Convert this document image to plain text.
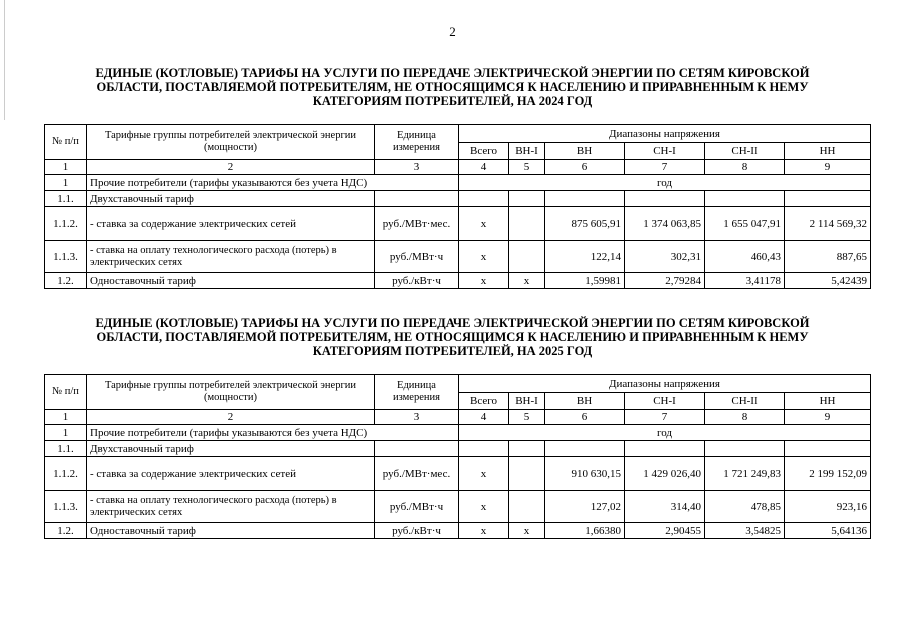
2
ЕДИНЫЕ (КОТЛОВЫЕ) ТАРИФЫ НА УСЛУГИ ПО ПЕРЕДАЧЕ ЭЛЕКТРИЧЕСКОЙ ЭНЕРГИИ ПО СЕТЯМ КИРОВСКОЙ
ОБЛАСТИ, ПОСТАВЛЯЕМОЙ ПОТРЕБИТЕЛЯМ, НЕ ОТНОСЯЩИМСЯ К НАСЕЛЕНИЮ И ПРИРАВНЕННЫМ К НЕМУ
КАТЕГОРИЯМ ПОТРЕБИТЕЛЕЙ, НА 2024 ГОД
№ п/п	Тарифные группы потребителей электрической энергии (мощности)	Единица измерения	Диапазоны напряжения					
			Всего	ВН-I	ВН	СН-I	СН-II	НН
1	2	3	4	5	6	7	8	9
1	Прочие потребители (тарифы указываются без учета НДС)		год					
1.1.	Двухставочный тариф							
1.1.2.	- ставка за содержание электрических сетей	руб./МВт·мес.	х		875 605,91	1 374 063,85	1 655 047,91	2 114 569,32
1.1.3.	- ставка на оплату технологического расхода (потерь) в электрических сетях	руб./МВт·ч	х		122,14	302,31	460,43	887,65
1.2.	Одноставочный тариф	руб./кВт·ч	х	х	1,59981	2,79284	3,41178	5,42439
ЕДИНЫЕ (КОТЛОВЫЕ) ТАРИФЫ НА УСЛУГИ ПО ПЕРЕДАЧЕ ЭЛЕКТРИЧЕСКОЙ ЭНЕРГИИ ПО СЕТЯМ КИРОВСКОЙ
ОБЛАСТИ, ПОСТАВЛЯЕМОЙ ПОТРЕБИТЕЛЯМ, НЕ ОТНОСЯЩИМСЯ К НАСЕЛЕНИЮ И ПРИРАВНЕННЫМ К НЕМУ
КАТЕГОРИЯМ ПОТРЕБИТЕЛЕЙ, НА 2025 ГОД
№ п/п	Тарифные группы потребителей электрической энергии (мощности)	Единица измерения	Диапазоны напряжения					
			Всего	ВН-I	ВН	СН-I	СН-II	НН
1	2	3	4	5	6	7	8	9
1	Прочие потребители (тарифы указываются без учета НДС)		год					
1.1.	Двухставочный тариф							
1.1.2.	- ставка за содержание электрических сетей	руб./МВт·мес.	х		910 630,15	1 429 026,40	1 721 249,83	2 199 152,09
1.1.3.	- ставка на оплату технологического расхода (потерь) в электрических сетях	руб./МВт·ч	х		127,02	314,40	478,85	923,16
1.2.	Одноставочный тариф	руб./кВт·ч	х	х	1,66380	2,90455	3,54825	5,64136
